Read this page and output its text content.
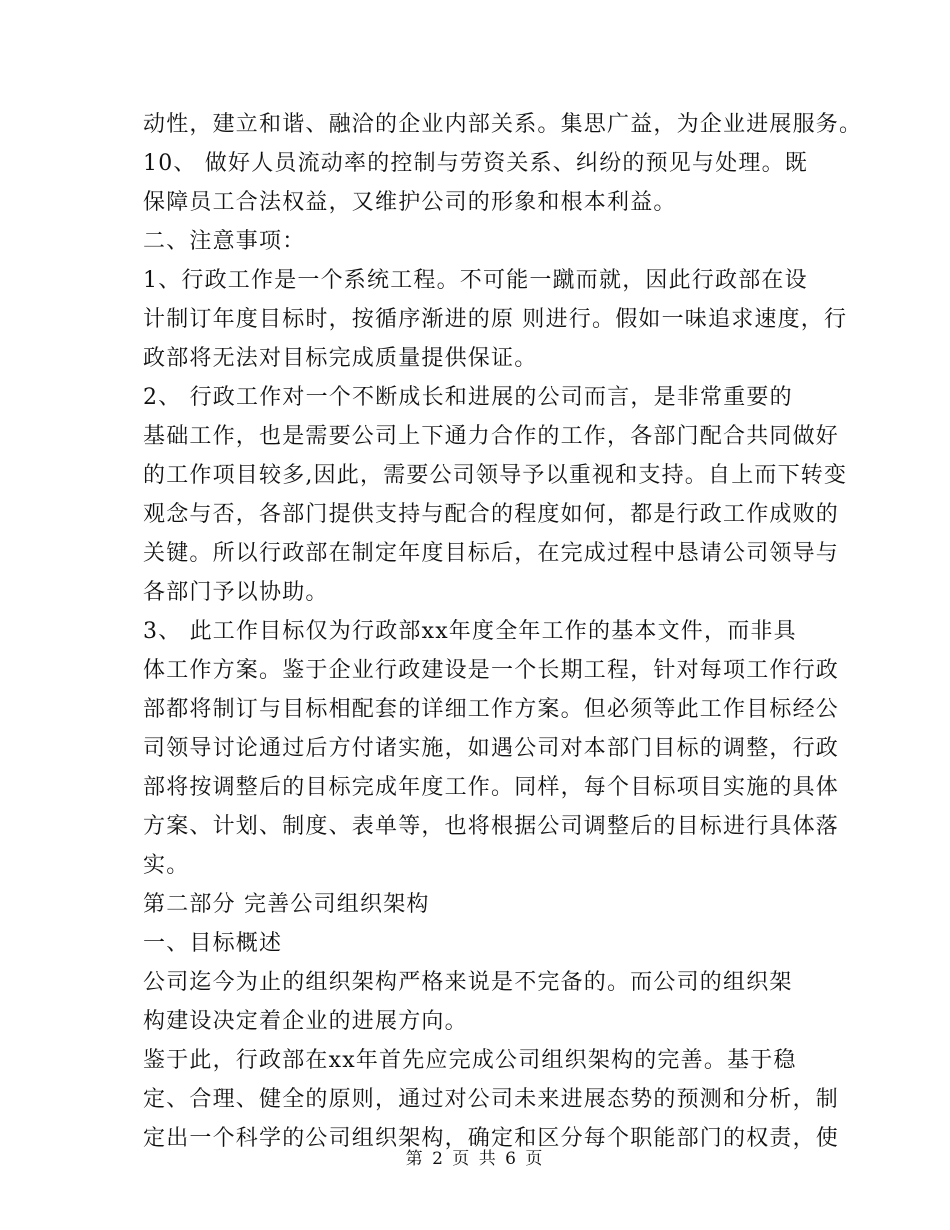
动性，建立和谐、融洽的企业内部关系。集思广益，为企业进展服务。
10、 做好人员流动率的控制与劳资关系、纠纷的预见与处理。既
保障员工合法权益，又维护公司的形象和根本利益。
二、注意事项：
1、行政工作是一个系统工程。不可能一蹴而就，因此行政部在设
计制订年度目标时，按循序渐进的原 则进行。假如一味追求速度，行
政部将无法对目标完成质量提供保证。
2、 行政工作对一个不断成长和进展的公司而言，是非常重要的
基础工作，也是需要公司上下通力合作的工作，各部门配合共同做好
的工作项目较多,因此，需要公司领导予以重视和支持。自上而下转变
观念与否，各部门提供支持与配合的程度如何，都是行政工作成败的
关键。所以行政部在制定年度目标后，在完成过程中恳请公司领导与
各部门予以协助。
3、 此工作目标仅为行政部xx年度全年工作的基本文件，而非具
体工作方案。鉴于企业行政建设是一个长期工程，针对每项工作行政
部都将制订与目标相配套的详细工作方案。但必须等此工作目标经公
司领导讨论通过后方付诸实施，如遇公司对本部门目标的调整，行政
部将按调整后的目标完成年度工作。同样，每个目标项目实施的具体
方案、计划、制度、表单等，也将根据公司调整后的目标进行具体落
实。
第二部分 完善公司组织架构
一、目标概述
公司迄今为止的组织架构严格来说是不完备的。而公司的组织架
构建设决定着企业的进展方向。
鉴于此，行政部在xx年首先应完成公司组织架构的完善。基于稳
定、合理、健全的原则，通过对公司未来进展态势的预测和分析，制
定出一个科学的公司组织架构，确定和区分每个职能部门的权责，使
第 2 页 共 6 页
